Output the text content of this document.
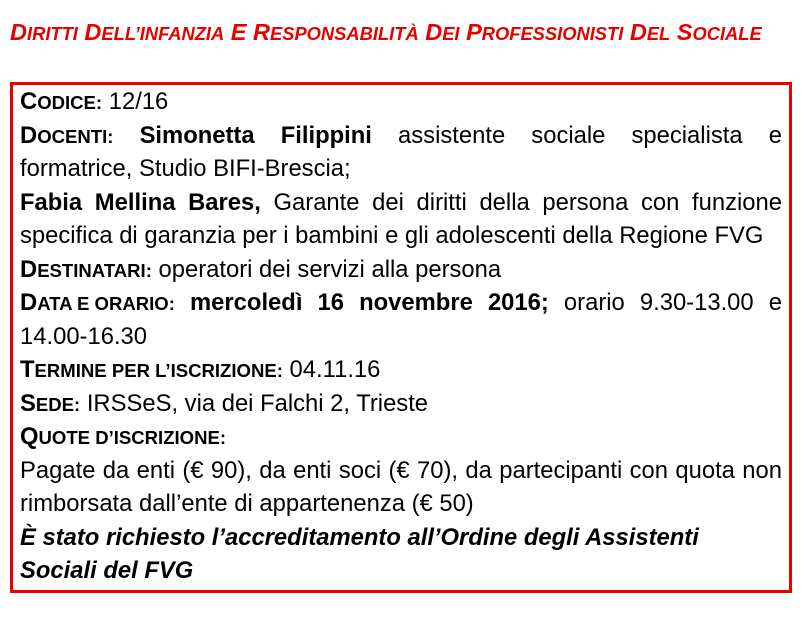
DIRITTI DELL’INFANZIA E RESPONSABILITÀ DEI PROFESSIONISTI DEL SOCIALE
CODICE: 12/16
DOCENTI: Simonetta Filippini assistente sociale specialista e
formatrice, Studio BIFI-Brescia;
Fabia Mellina Bares, Garante dei diritti della persona con funzione
specifica di garanzia per i bambini e gli adolescenti della Regione FVG
DESTINATARI: operatori dei servizi alla persona
DATA E ORARIO: mercoledì 16 novembre 2016; orario 9.30-13.00 e
14.00-16.30
TERMINE PER L’ISCRIZIONE: 04.11.16
SEDE: IRSSeS, via dei Falchi 2, Trieste
QUOTE D’ISCRIZIONE:
Pagate da enti (€ 90), da enti soci (€ 70), da partecipanti con quota non
rimborsata dall’ente di appartenenza (€ 50)
È stato richiesto l’accreditamento all’Ordine degli Assistenti
Sociali del FVG
